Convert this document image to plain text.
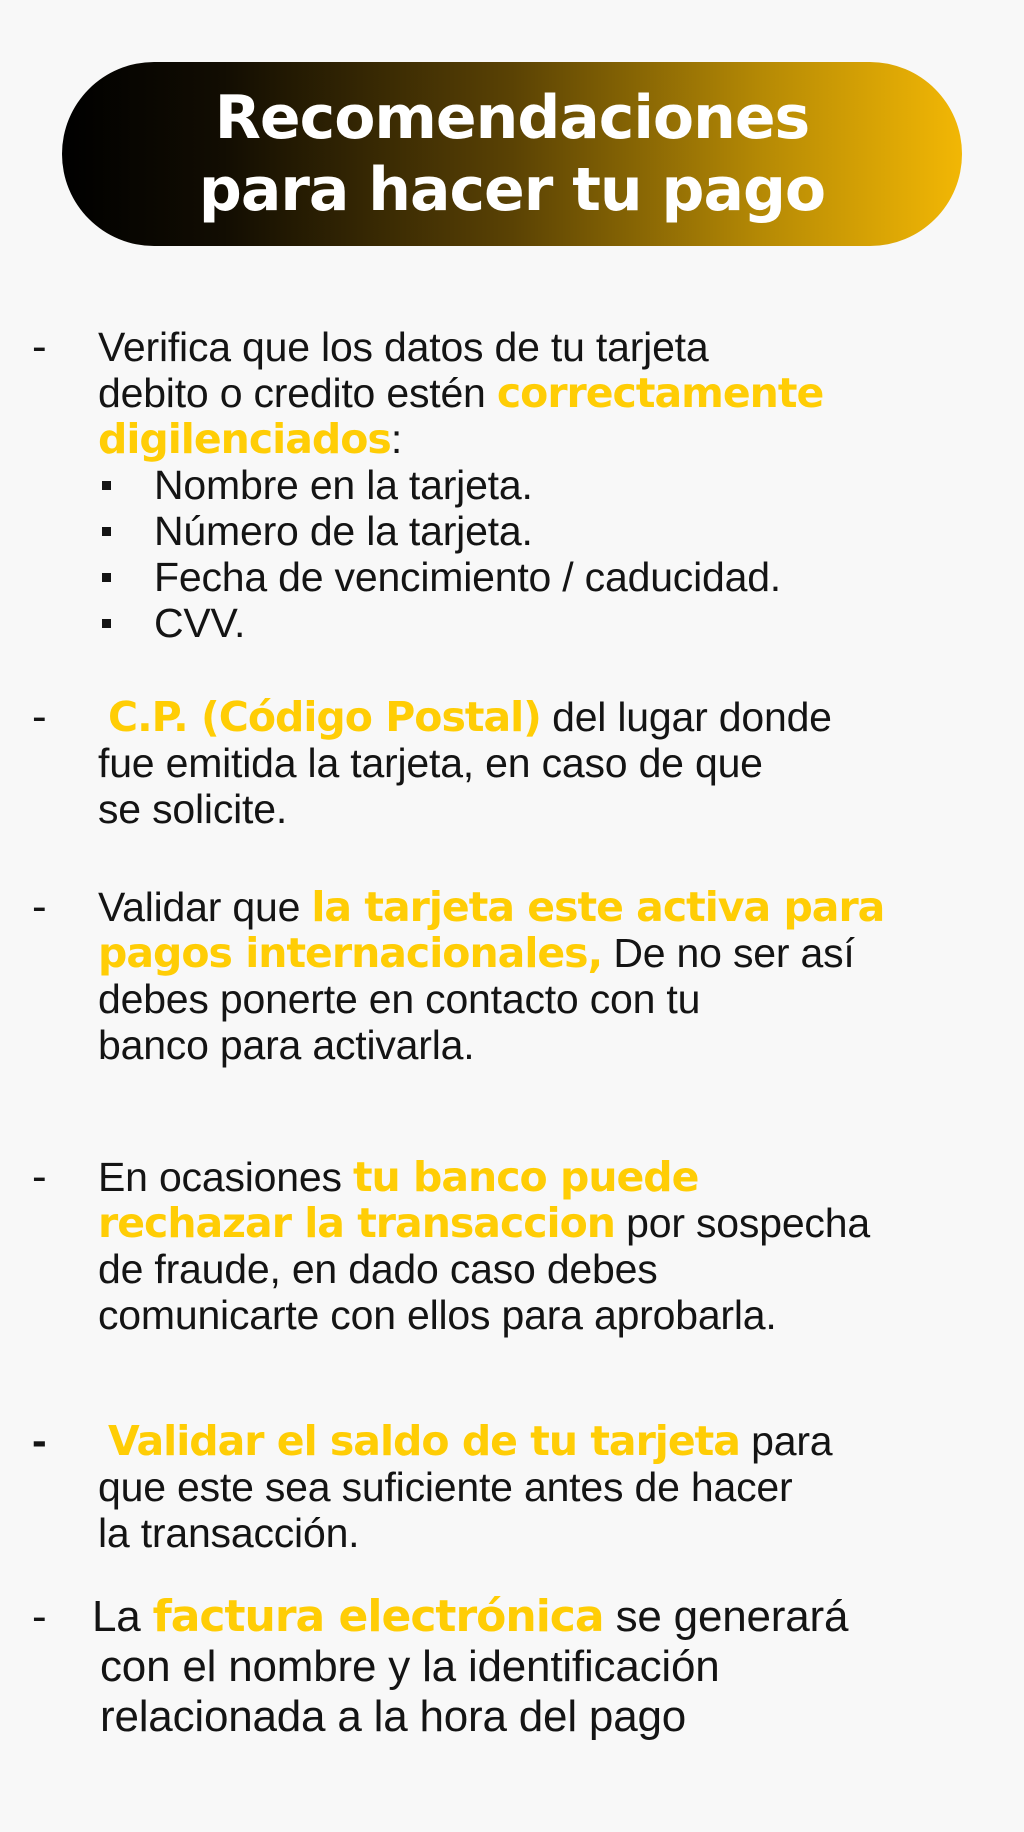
Recomendaciones
para hacer tu pago
- Verifica que los datos de tu tarjeta
debito o credito estén correctamente
digilenciados:
Nombre en la tarjeta.
Número de la tarjeta.
Fecha de vencimiento / caducidad.
CVV.
- C.P. (Código Postal) del lugar donde
fue emitida la tarjeta, en caso de que
se solicite.
- Validar que la tarjeta este activa para
pagos internacionales, De no ser así
debes ponerte en contacto con tu
banco para activarla.
- En ocasiones tu banco puede
rechazar la transaccion por sospecha
de fraude, en dado caso debes
comunicarte con ellos para aprobarla.
- Validar el saldo de tu tarjeta para
que este sea suficiente antes de hacer
la transacción.
- La factura electrónica se generará
con el nombre y la identificación
relacionada a la hora del pago
